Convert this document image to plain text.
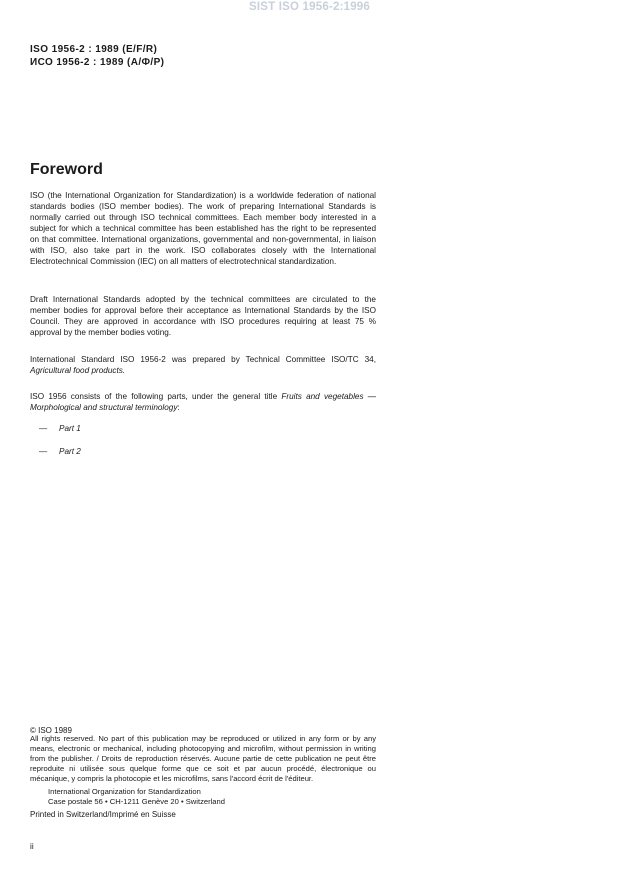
SIST ISO 1956-2:1996
ISO 1956-2 : 1989 (E/F/R)
ИСО 1956-2 : 1989 (A/Ф/P)
Foreword

ISO (the International Organization for Standardization) is a worldwide federation of national standards bodies (ISO member bodies). The work of preparing International Standards is normally carried out through ISO technical committees. Each member body interested in a subject for which a technical committee has been established has the right to be represented on that committee. International organizations, governmental and non-governmental, in liaison with ISO, also take part in the work. ISO collaborates closely with the International Electrotechnical Commission (IEC) on all matters of electrotechnical standardization.

Draft International Standards adopted by the technical committees are circulated to the member bodies for approval before their acceptance as International Standards by the ISO Council. They are approved in accordance with ISO procedures requiring at least 75 % approval by the member bodies voting.

International Standard ISO 1956-2 was prepared by Technical Committee ISO/TC 34, Agricultural food products.

ISO 1956 consists of the following parts, under the general title Fruits and vegetables — Morphological and structural terminology:

— Part 1
— Part 2
© ISO 1989

All rights reserved. No part of this publication may be reproduced or utilized in any form or by any means, electronic or mechanical, including photocopying and microfilm, without permission in writing from the publisher. / Droits de reproduction réservés. Aucune partie de cette publication ne peut être reproduite ni utilisée sous quelque forme que ce soit et par aucun procédé, électronique ou mécanique, y compris la photocopie et les microfilms, sans l'accord écrit de l'éditeur.

International Organization for Standardization
Case postale 56 • CH-1211 Genève 20 • Switzerland
Printed in Switzerland/Imprimé en Suisse
ii
